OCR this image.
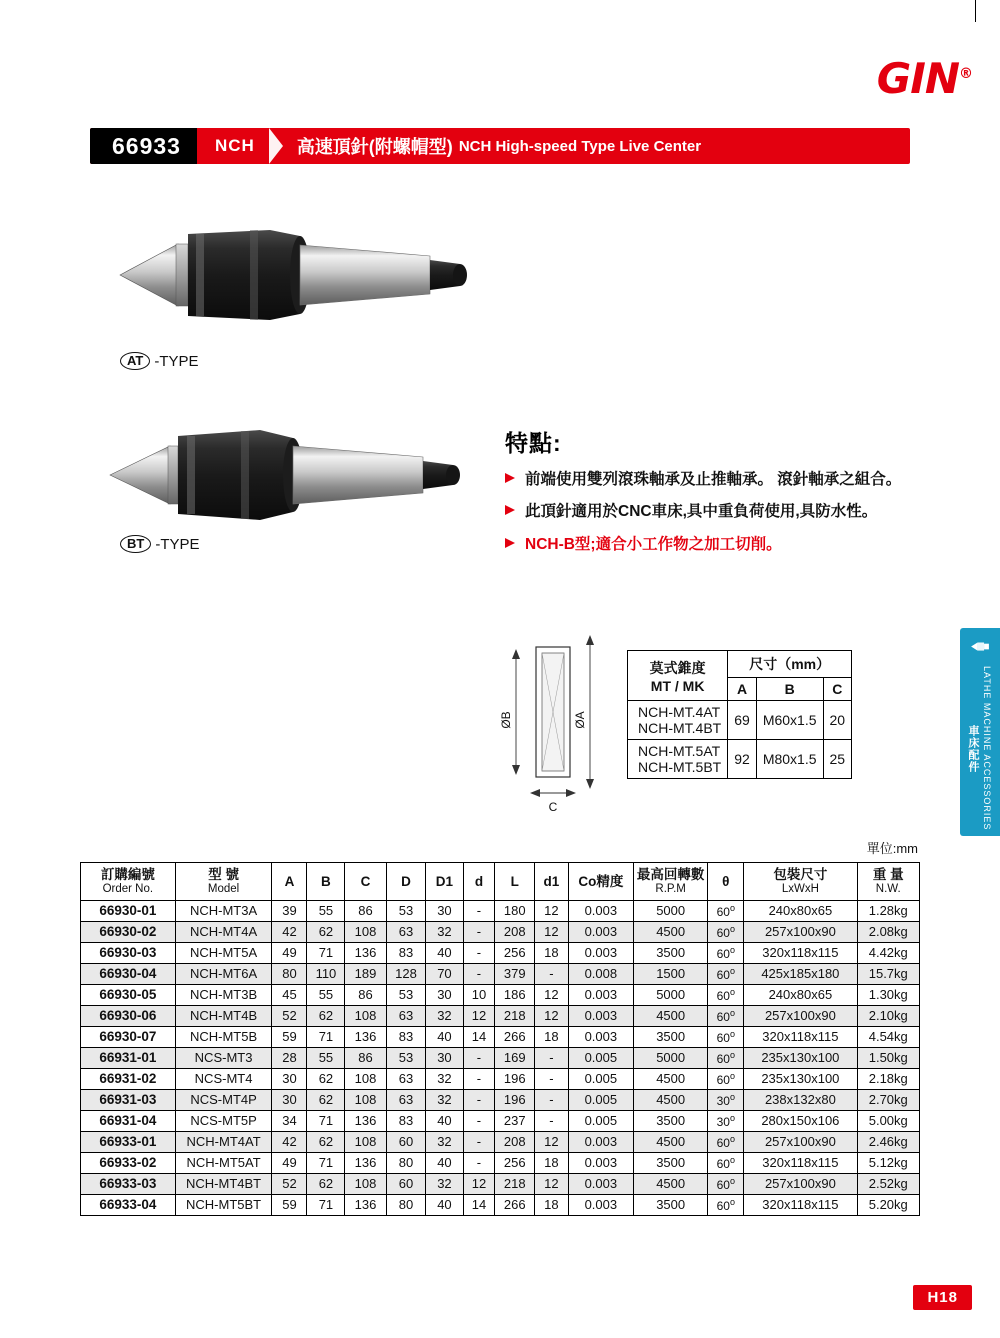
GIN®
66933	NCH	高速頂針(附螺帽型) NCH High-speed Type Live Center
AT -TYPE
BT -TYPE
特點:
前端使用雙列滾珠軸承及止推軸承。 滾針軸承之組合。
此頂針適用於CNC車床,具中重負荷使用,具防水性。
NCH-B型;適合小工作物之加工切削。
ØB	ØA
C
莫式錐度
MT / MK	尺寸（mm）		
	A	B	C

NCH-MT.4AT
NCH-MT.4BT	69	M60x1.5	20

NCH-MT.5AT
NCH-MT.5BT	92	M80x1.5	25	LATHE MACHINE ACCESSORIES 車床配件
單位:mm
訂購編號
Order No.	型 號
Model	A	B	C	D	D1	d	L	d1	Co精度	最高回轉數
R.P.M	θ	包裝尺寸
LxWxH	重 量
N.W.

66930-01	NCH-MT3A	39	55	86	53	30	-	180	12	0.003	5000	60$^o$	240x80x65	1.28kg
66930-02	NCH-MT4A	42	62	108	63	32	-	208	12	0.003	4500	60$^o$	257x100x90	2.08kg
66930-03	NCH-MT5A	49	71	136	83	40	-	256	18	0.003	3500	60$^o$	320x118x115	4.42kg
66930-04	NCH-MT6A	80	110	189	128	70	-	379	-	0.008	1500	60$^o$	425x185x180	15.7kg
66930-05	NCH-MT3B	45	55	86	53	30	10	186	12	0.003	5000	60$^o$	240x80x65	1.30kg
66930-06	NCH-MT4B	52	62	108	63	32	12	218	12	0.003	4500	60$^o$	257x100x90	2.10kg
66930-07	NCH-MT5B	59	71	136	83	40	14	266	18	0.003	3500	60$^o$	320x118x115	4.54kg
66931-01	NCS-MT3	28	55	86	53	30	-	169	-	0.005	5000	60$^o$	235x130x100	1.50kg
66931-02	NCS-MT4	30	62	108	63	32	-	196	-	0.005	4500	60$^o$	235x130x100	2.18kg
66931-03	NCS-MT4P	30	62	108	63	32	-	196	-	0.005	4500	30$^o$	238x132x80	2.70kg
66931-04	NCS-MT5P	34	71	136	83	40	-	237	-	0.005	3500	30$^o$	280x150x106	5.00kg
66933-01	NCH-MT4AT	42	62	108	60	32	-	208	12	0.003	4500	60$^o$	257x100x90	2.46kg
66933-02	NCH-MT5AT	49	71	136	80	40	-	256	18	0.003	3500	60$^o$	320x118x115	5.12kg
66933-03	NCH-MT4BT	52	62	108	60	32	12	218	12	0.003	4500	60$^o$	257x100x90	2.52kg
66933-04	NCH-MT5BT	59	71	136	80	40	14	266	18	0.003	3500	60$^o$	320x118x115	5.20kg
H18
